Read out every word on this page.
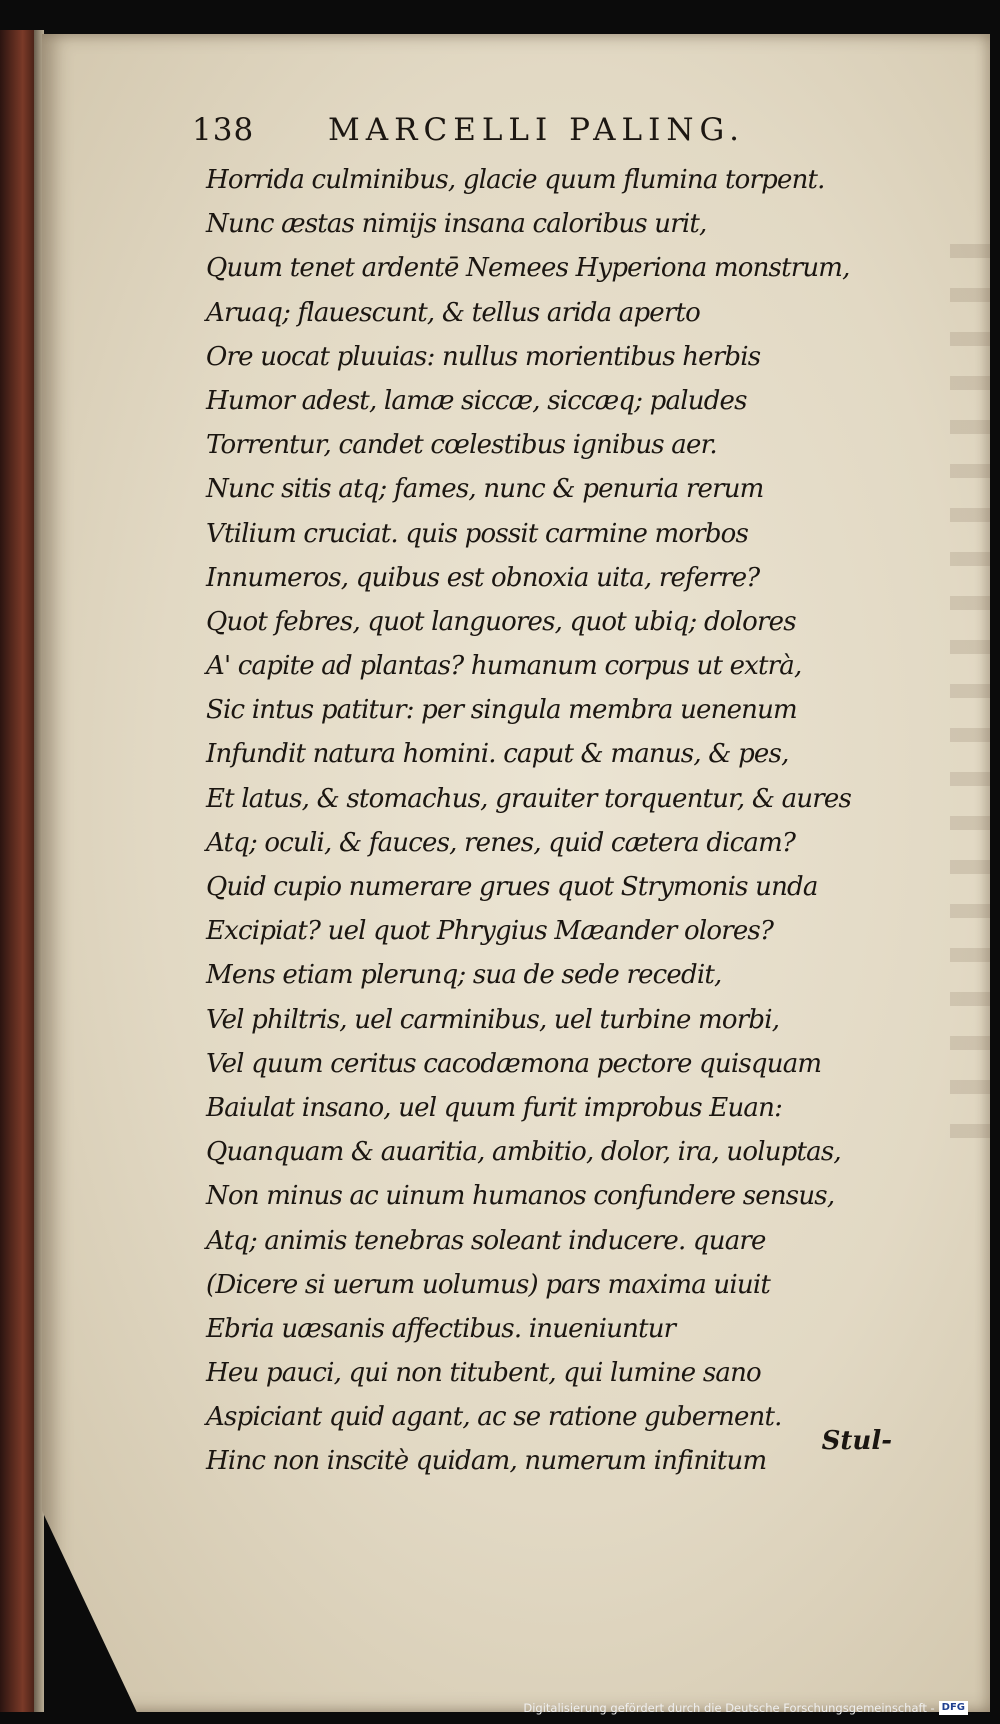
138 MARCELLI PALING.
Horrida culminibus, glacie quum flumina torpent.
Nunc æstas nimijs insana caloribus urit,
Quum tenet ardentē Nemees Hyperiona monstrum,
Aruaq; flauescunt, & tellus arida aperto
Ore uocat pluuias: nullus morientibus herbis
Humor adest, lamæ siccæ, siccæq; paludes
Torrentur, candet cœlestibus ignibus aer.
Nunc sitis atq; fames, nunc & penuria rerum
Vtilium cruciat. quis possit carmine morbos
Innumeros, quibus est obnoxia uita, referre?
Quot febres, quot languores, quot ubiq; dolores
A' capite ad plantas? humanum corpus ut extrà,
Sic intus patitur: per singula membra uenenum
Infundit natura homini. caput & manus, & pes,
Et latus, & stomachus, grauiter torquentur, & aures
Atq; oculi, & fauces, renes, quid cætera dicam?
Quid cupio numerare grues quot Strymonis unda
Excipiat? uel quot Phrygius Mæander olores?
Mens etiam plerunq; sua de sede recedit,
Vel philtris, uel carminibus, uel turbine morbi,
Vel quum ceritus cacodæmona pectore quisquam
Baiulat insano, uel quum furit improbus Euan:
Quanquam & auaritia, ambitio, dolor, ira, uoluptas,
Non minus ac uinum humanos confundere sensus,
Atq; animis tenebras soleant inducere. quare
(Dicere si uerum uolumus) pars maxima uiuit
Ebria uæsanis affectibus. inueniuntur
Heu pauci, qui non titubent, qui lumine sano
Aspiciant quid agant, ac se ratione gubernent.
Hinc non inscitè quidam, numerum infinitum
Stul-
Digitalisierung gefördert durch die Deutsche Forschungsgemeinschaft - DFG
